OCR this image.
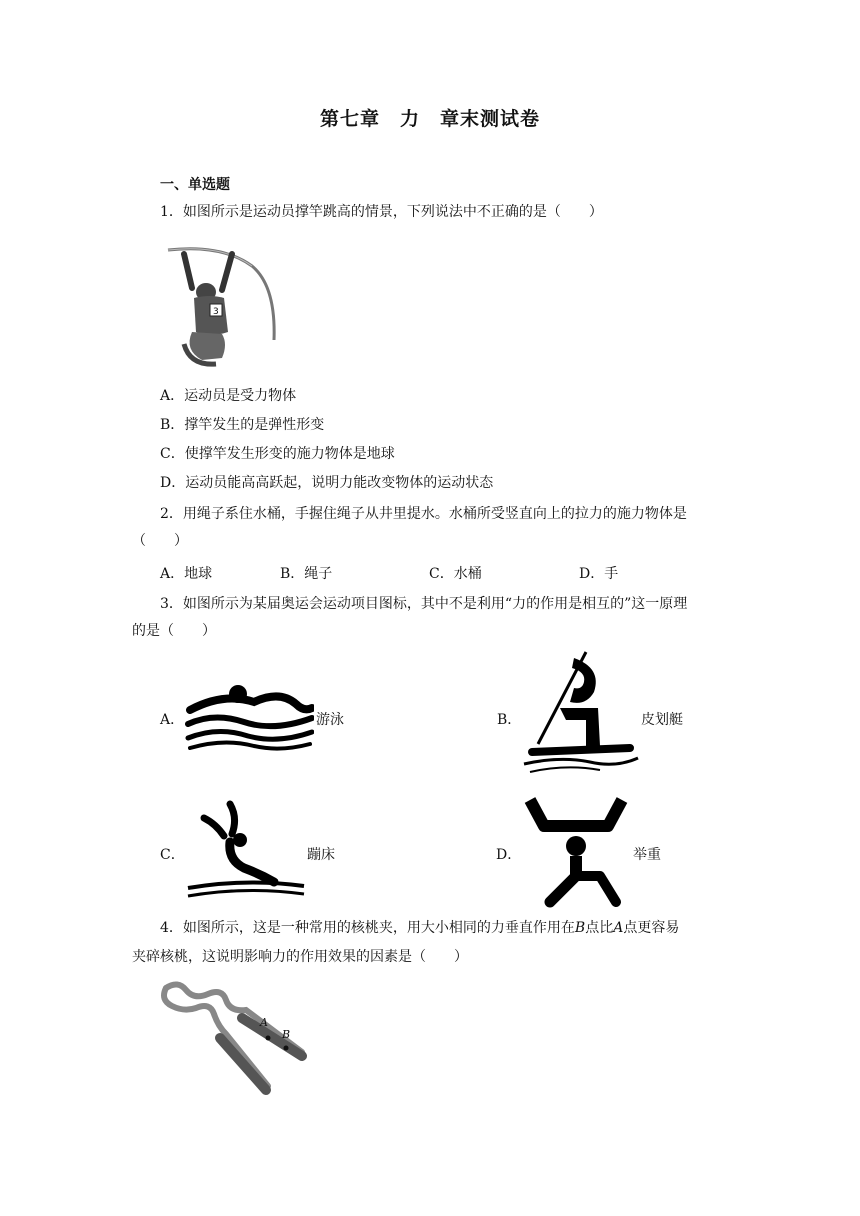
第七章　力　章末测试卷
一、单选题
1．如图所示是运动员撑竿跳高的情景，下列说法中不正确的是（　　）
3
A．运动员是受力物体
B．撑竿发生的是弹性形变
C．使撑竿发生形变的施力物体是地球
D．运动员能高高跃起，说明力能改变物体的运动状态
2．用绳子系住水桶，手握住绳子从井里提水。水桶所受竖直向上的拉力的施力物体是
（　　）
A．地球	B．绳子	C．水桶	D．手
3．如图所示为某届奥运会运动项目图标，其中不是利用“力的作用是相互的”这一原理
的是（　　）
A．	游泳	B．	皮划艇
C．	蹦床	D．	举重
4．如图所示，这是一种常用的核桃夹，用大小相同的力垂直作用在B点比A点更容易
夹碎核桃，这说明影响力的作用效果的因素是（　　）
A
B
